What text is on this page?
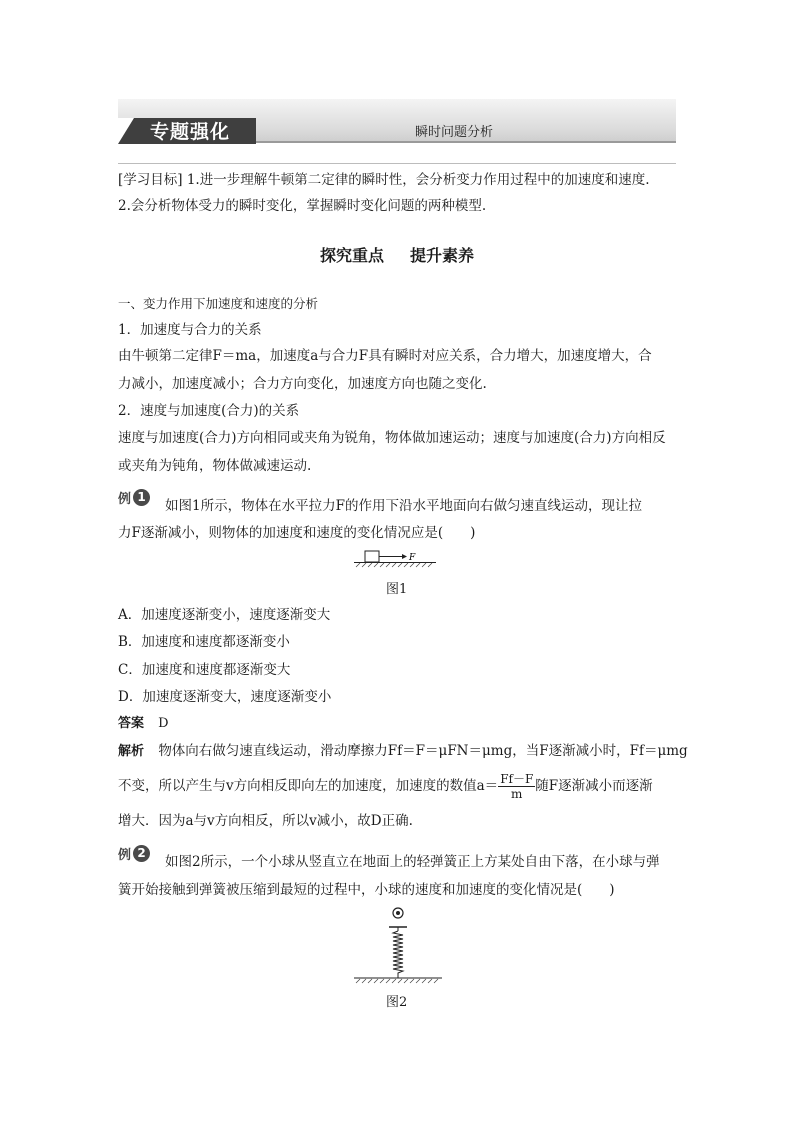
专题强化	瞬时问题分析
[学习目标] 1.进一步理解牛顿第二定律的瞬时性，会分析变力作用过程中的加速度和速度.
2.会分析物体受力的瞬时变化，掌握瞬时变化问题的两种模型.
探究重点 提升素养
一、变力作用下加速度和速度的分析
1．加速度与合力的关系
由牛顿第二定律F＝ma，加速度a与合力F具有瞬时对应关系，合力增大，加速度增大，合
力减小，加速度减小；合力方向变化，加速度方向也随之变化.
2．速度与加速度(合力)的关系
速度与加速度(合力)方向相同或夹角为锐角，物体做加速运动；速度与加速度(合力)方向相反
或夹角为钝角，物体做减速运动.
例 1
如图1所示，物体在水平拉力F的作用下沿水平地面向右做匀速直线运动，现让拉
力F逐渐减小，则物体的加速度和速度的变化情况应是(　　)
F
图1
A．加速度逐渐变小，速度逐渐变大
B．加速度和速度都逐渐变小
C．加速度和速度都逐渐变大
D．加速度逐渐变大，速度逐渐变小
答案 D
解析 物体向右做匀速直线运动，滑动摩擦力Ff＝F＝μFN＝μmg，当F逐渐减小时，Ff＝μmg
不变，所以产生与v方向相反即向左的加速度，加速度的数值$a= \frac{Ff-F}{m}$ 随F逐渐减小而逐渐
增大．因为a与v方向相反，所以v减小，故D正确.
例 2
如图2所示，一个小球从竖直立在地面上的轻弹簧正上方某处自由下落，在小球与弹
簧开始接触到弹簧被压缩到最短的过程中，小球的速度和加速度的变化情况是(　　)
图2
